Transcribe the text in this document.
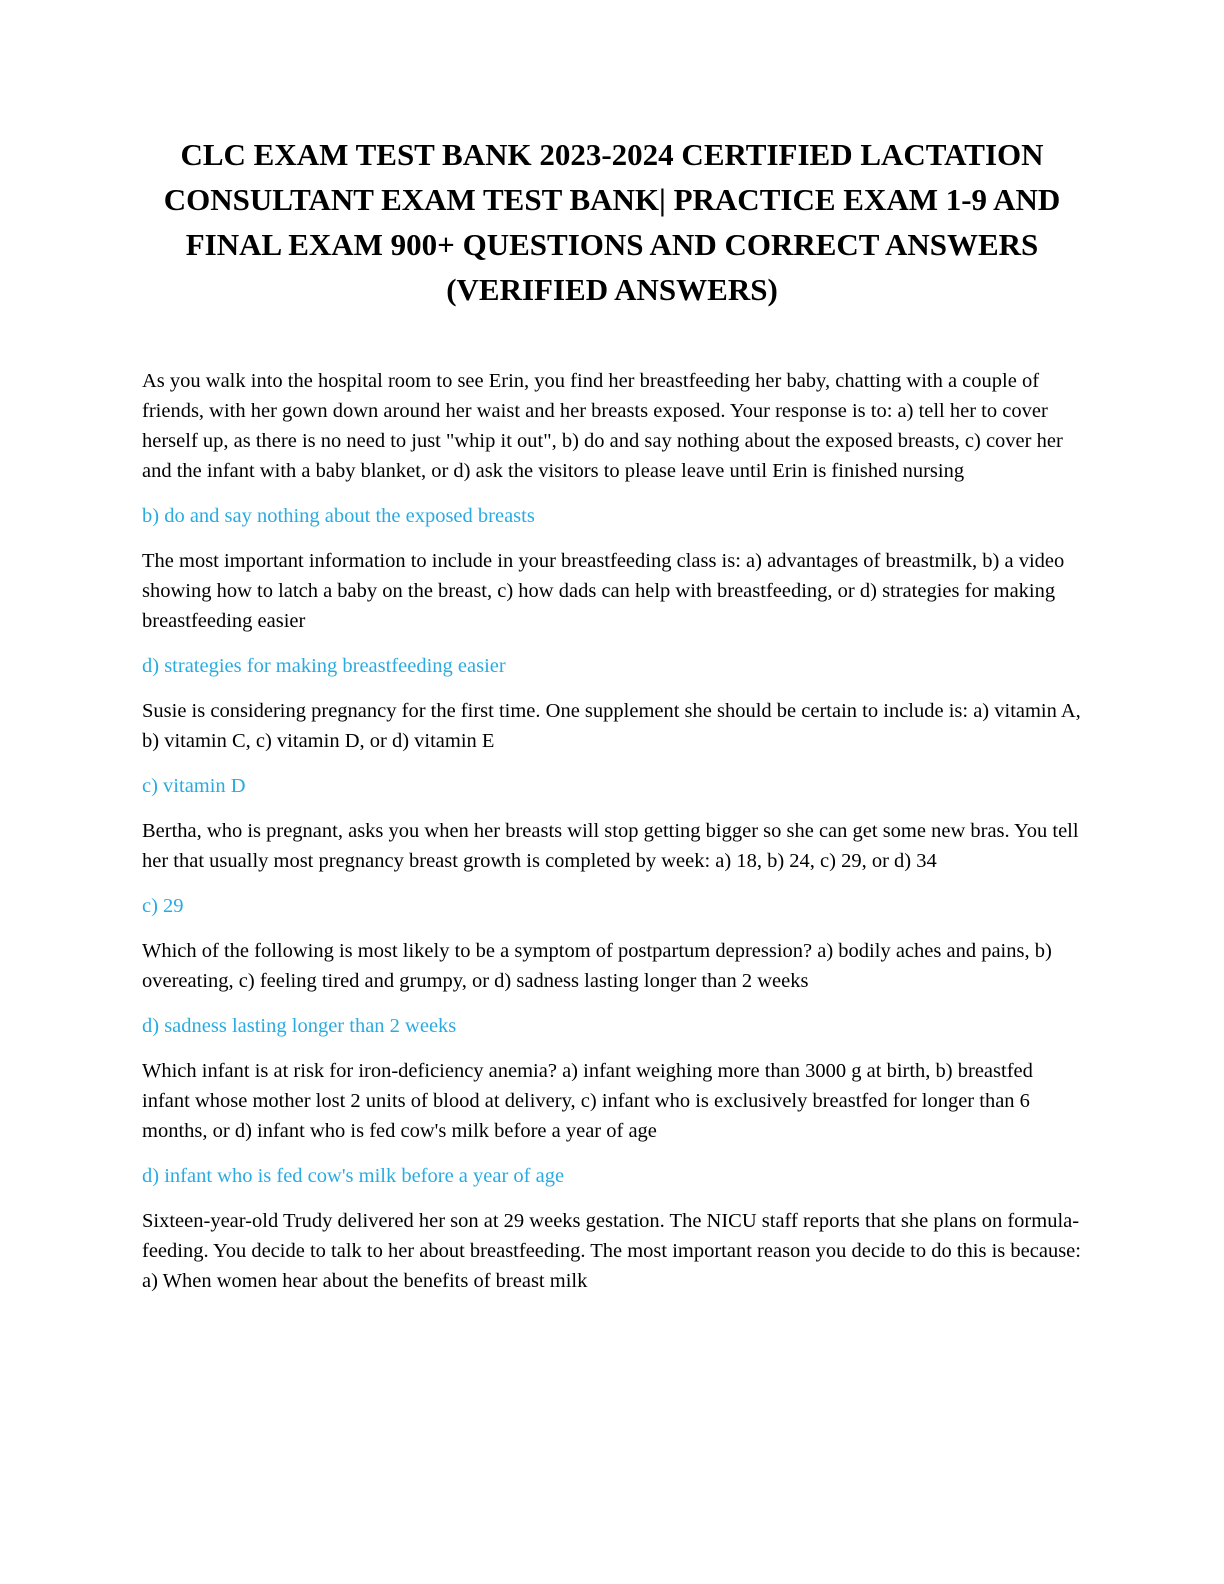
CLC EXAM TEST BANK 2023-2024 CERTIFIED LACTATION CONSULTANT EXAM TEST BANK| PRACTICE EXAM 1-9 AND FINAL EXAM 900+ QUESTIONS AND CORRECT ANSWERS (VERIFIED ANSWERS)

As you walk into the hospital room to see Erin, you find her breastfeeding her baby, chatting with a couple of friends, with her gown down around her waist and her breasts exposed. Your response is to: a) tell her to cover herself up, as there is no need to just "whip it out", b) do and say nothing about the exposed breasts, c) cover her and the infant with a baby blanket, or d) ask the visitors to please leave until Erin is finished nursing

b) do and say nothing about the exposed breasts

The most important information to include in your breastfeeding class is: a) advantages of breastmilk, b) a video showing how to latch a baby on the breast, c) how dads can help with breastfeeding, or d) strategies for making breastfeeding easier

d) strategies for making breastfeeding easier

Susie is considering pregnancy for the first time. One supplement she should be certain to include is: a) vitamin A, b) vitamin C, c) vitamin D, or d) vitamin E

c) vitamin D

Bertha, who is pregnant, asks you when her breasts will stop getting bigger so she can get some new bras. You tell her that usually most pregnancy breast growth is completed by week: a) 18, b) 24, c) 29, or d) 34

c) 29

Which of the following is most likely to be a symptom of postpartum depression? a) bodily aches and pains, b) overeating, c) feeling tired and grumpy, or d) sadness lasting longer than 2 weeks

d) sadness lasting longer than 2 weeks

Which infant is at risk for iron-deficiency anemia? a) infant weighing more than 3000 g at birth, b) breastfed infant whose mother lost 2 units of blood at delivery, c) infant who is exclusively breastfed for longer than 6 months, or d) infant who is fed cow's milk before a year of age

d) infant who is fed cow's milk before a year of age

Sixteen-year-old Trudy delivered her son at 29 weeks gestation. The NICU staff reports that she plans on formula-feeding. You decide to talk to her about breastfeeding. The most important reason you decide to do this is because: a) When women hear about the benefits of breast milk
